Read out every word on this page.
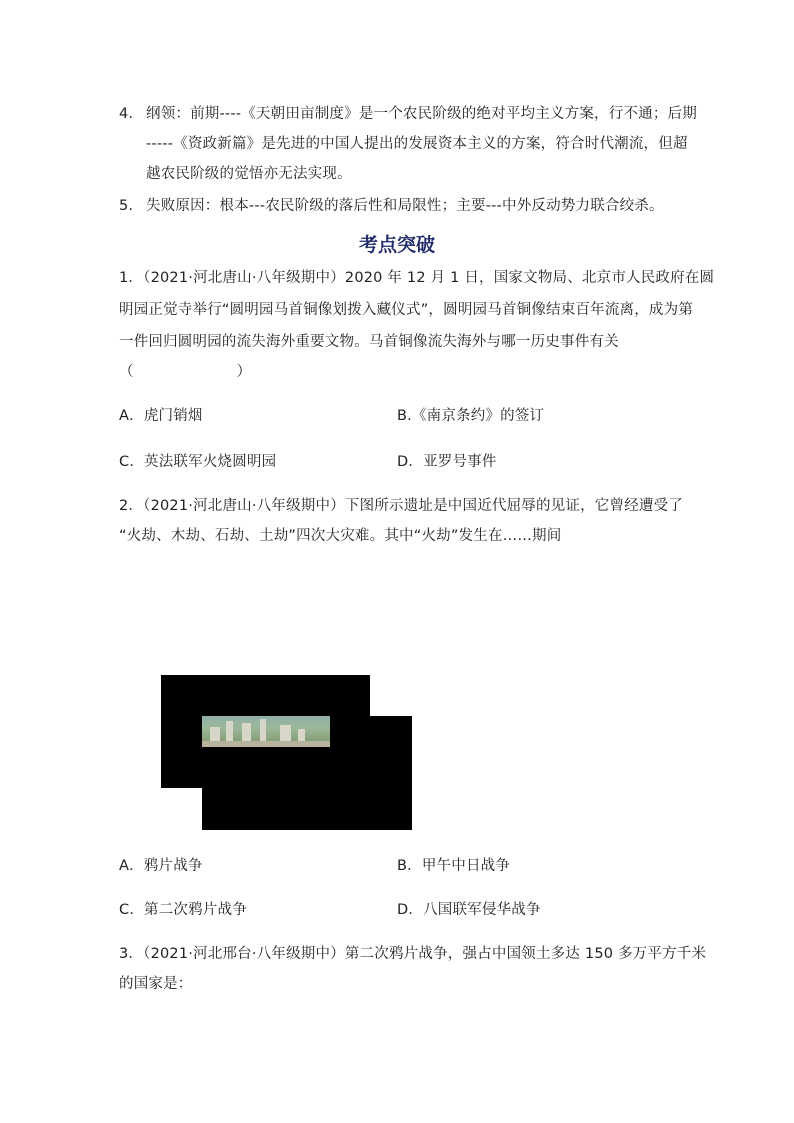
4. 纲领：前期----《天朝田亩制度》是一个农民阶级的绝对平均主义方案，行不通；后期
-----《资政新篇》是先进的中国人提出的发展资本主义的方案，符合时代潮流，但超
越农民阶级的觉悟亦无法实现。
5. 失败原因：根本---农民阶级的落后性和局限性；主要---中外反动势力联合绞杀。
考点突破
1．（2021·河北唐山·八年级期中）2020 年 12 月 1 日，国家文物局、北京市人民政府在圆
明园正觉寺举行“圆明园马首铜像划拨入藏仪式”，圆明园马首铜像结束百年流离，成为第
一件回归圆明园的流失海外重要文物。马首铜像流失海外与哪一历史事件有关
（　　　　　　　）
A．虎门销烟	B.《南京条约》的签订
C．英法联军火烧圆明园	D．亚罗号事件
2．（2021·河北唐山·八年级期中）下图所示遗址是中国近代屈辱的见证，它曾经遭受了
“火劫、木劫、石劫、土劫”四次大灾难。其中“火劫”发生在……期间
A．鸦片战争	B．甲午中日战争
C．第二次鸦片战争	D．八国联军侵华战争
3．（2021·河北邢台·八年级期中）第二次鸦片战争，强占中国领土多达 150 多万平方千米
的国家是：
